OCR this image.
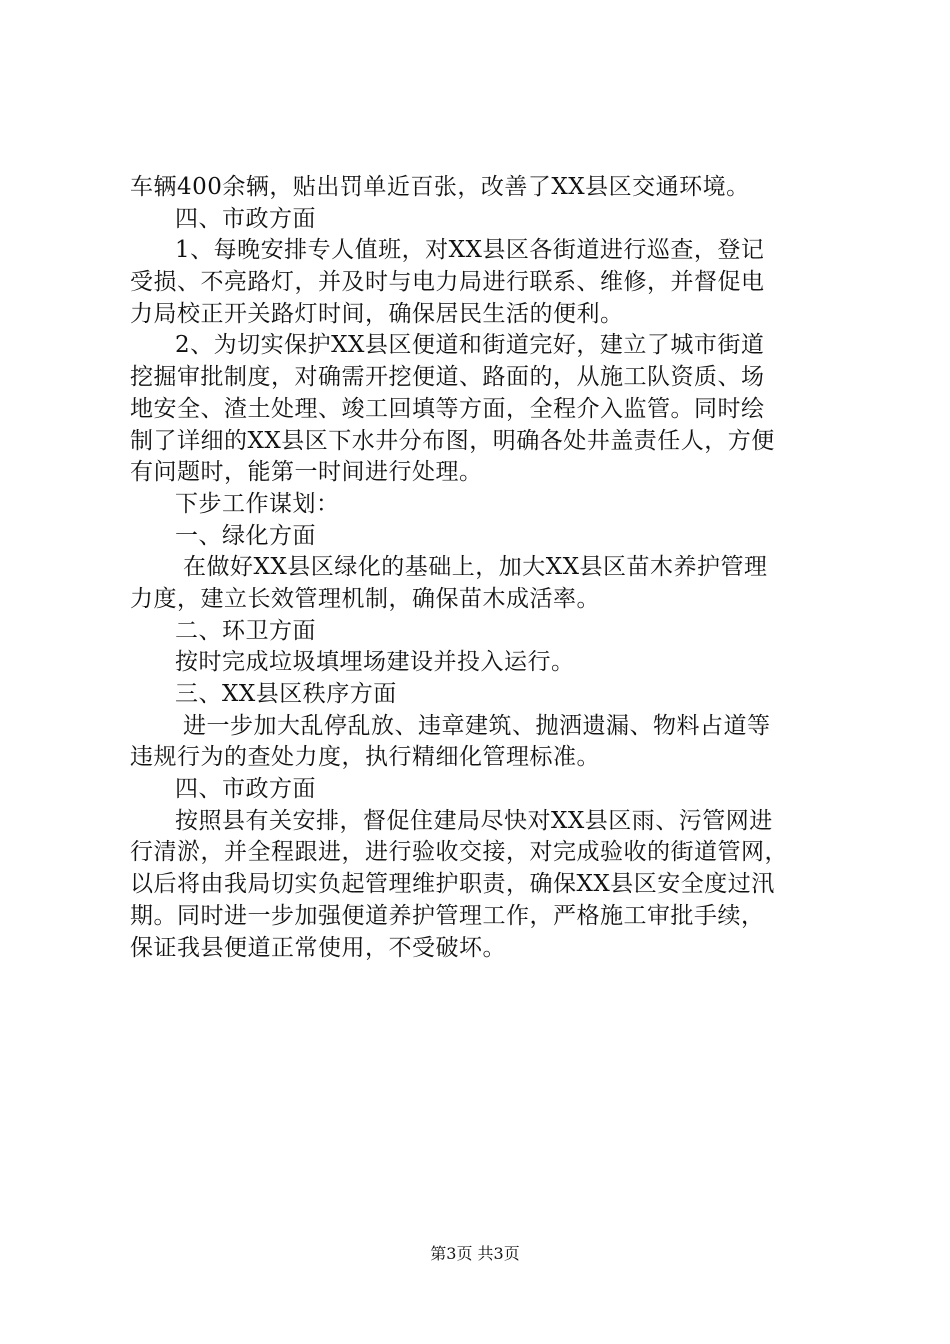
车辆400余辆，贴出罚单近百张，改善了XX县区交通环境。
四、市政方面
1、每晚安排专人值班，对XX县区各街道进行巡查，登记
受损、不亮路灯，并及时与电力局进行联系、维修，并督促电
力局校正开关路灯时间，确保居民生活的便利。
2、为切实保护XX县区便道和街道完好，建立了城市街道
挖掘审批制度，对确需开挖便道、路面的，从施工队资质、场
地安全、渣土处理、竣工回填等方面，全程介入监管。同时绘
制了详细的XX县区下水井分布图，明确各处井盖责任人，方便
有问题时，能第一时间进行处理。
下步工作谋划：
一、绿化方面
在做好XX县区绿化的基础上，加大XX县区苗木养护管理
力度，建立长效管理机制，确保苗木成活率。
二、环卫方面
按时完成垃圾填埋场建设并投入运行。
三、XX县区秩序方面
进一步加大乱停乱放、违章建筑、抛洒遗漏、物料占道等
违规行为的查处力度，执行精细化管理标准。
四、市政方面
按照县有关安排，督促住建局尽快对XX县区雨、污管网进
行清淤，并全程跟进，进行验收交接，对完成验收的街道管网，
以后将由我局切实负起管理维护职责，确保XX县区安全度过汛
期。同时进一步加强便道养护管理工作，严格施工审批手续，
保证我县便道正常使用，不受破坏。
第3页 共3页
